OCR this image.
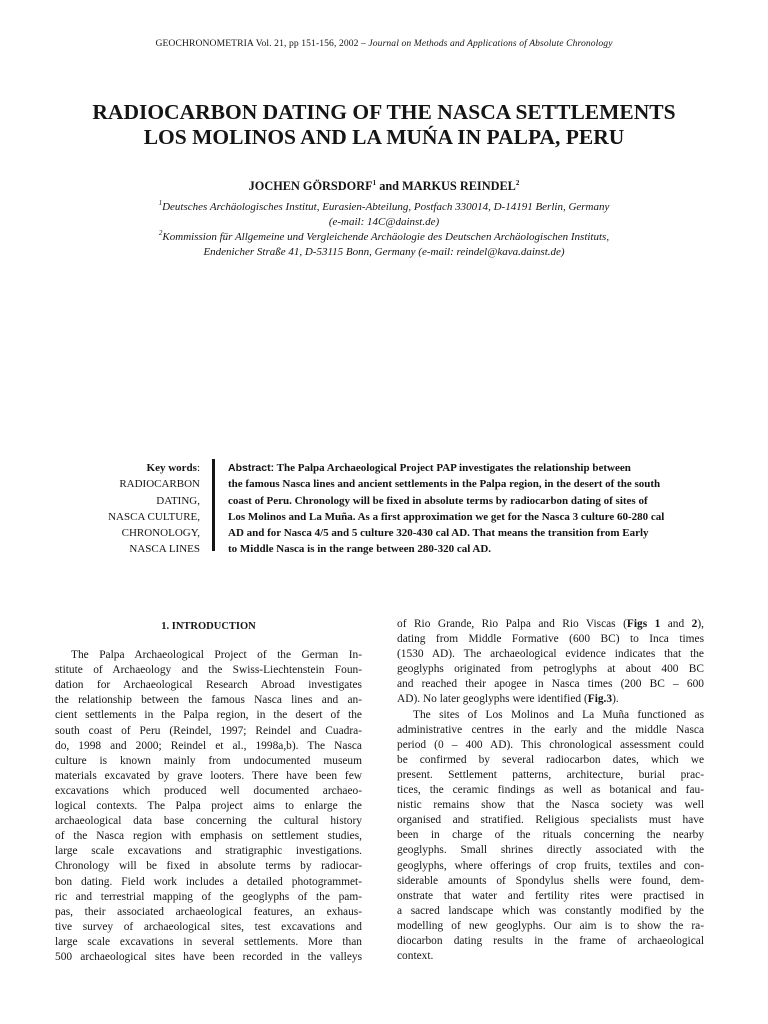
GEOCHRONOMETRIA Vol. 21, pp 151-156, 2002 – Journal on Methods and Applications of Absolute Chronology
RADIOCARBON DATING OF THE NASCA SETTLEMENTS
LOS MOLINOS AND LA MUŃA IN PALPA, PERU
JOCHEN GÖRSDORF$^1$ and MARKUS REINDEL$^2$
$^1$Deutsches Archäologisches Institut, Eurasien-Abteilung, Postfach 330014, D-14191 Berlin, Germany
(e-mail: 14C@dainst.de)
$^2$Kommission für Allgemeine und Vergleichende Archäologie des Deutschen Archäologischen Instituts,
Endenicher Straße 41, D-53115 Bonn, Germany (e-mail: reindel@kava.dainst.de)
Key words:
RADIOCARBON
DATING,
NASCA CULTURE,
CHRONOLOGY,
NASCA LINES
Abstract: The Palpa Archaeological Project PAP investigates the relationship between
the famous Nasca lines and ancient settlements in the Palpa region, in the desert of the south
coast of Peru. Chronology will be fixed in absolute terms by radiocarbon dating of sites of
Los Molinos and La Muña. As a first approximation we get for the Nasca 3 culture 60-280 cal
AD and for Nasca 4/5 and 5 culture 320-430 cal AD. That means the transition from Early
to Middle Nasca is in the range between 280-320 cal AD.
1. INTRODUCTION

The Palpa Archaeological Project of the German In-
stitute of Archaeology and the Swiss-Liechtenstein Foun-
dation for Archaeological Research Abroad investigates
the relationship between the famous Nasca lines and an-
cient settlements in the Palpa region, in the desert of the
south coast of Peru (Reindel, 1997; Reindel and Cuadra-
do, 1998 and 2000; Reindel et al., 1998a,b). The Nasca
culture is known mainly from undocumented museum
materials excavated by grave looters. There have been few
excavations which produced well documented archaeo-
logical contexts. The Palpa project aims to enlarge the
archaeological data base concerning the cultural history
of the Nasca region with emphasis on settlement studies,
large scale excavations and stratigraphic investigations.
Chronology will be fixed in absolute terms by radiocar-
bon dating. Field work includes a detailed photogrammet-
ric and terrestrial mapping of the geoglyphs of the pam-
pas, their associated archaeological features, an exhaus-
tive survey of archaeological sites, test excavations and
large scale excavations in several settlements. More than
500 archaeological sites have been recorded in the valleys

of Rio Grande, Rio Palpa and Rio Viscas (Figs 1 and 2),
dating from Middle Formative (600 BC) to Inca times
(1530 AD). The archaeological evidence indicates that the
geoglyphs originated from petroglyphs at about 400 BC
and reached their apogee in Nasca times (200 BC – 600
AD). No later geoglyphs were identified (Fig.3).

The sites of Los Molinos and La Muña functioned as
administrative centres in the early and the middle Nasca
period (0 – 400 AD). This chronological assessment could
be confirmed by several radiocarbon dates, which we
present. Settlement patterns, architecture, burial prac-
tices, the ceramic findings as well as botanical and fau-
nistic remains show that the Nasca society was well
organised and stratified. Religious specialists must have
been in charge of the rituals concerning the nearby
geoglyphs. Small shrines directly associated with the
geoglyphs, where offerings of crop fruits, textiles and con-
siderable amounts of Spondylus shells were found, dem-
onstrate that water and fertility rites were practised in
a sacred landscape which was constantly modified by the
modelling of new geoglyphs. Our aim is to show the ra-
diocarbon dating results in the frame of archaeological
context.
